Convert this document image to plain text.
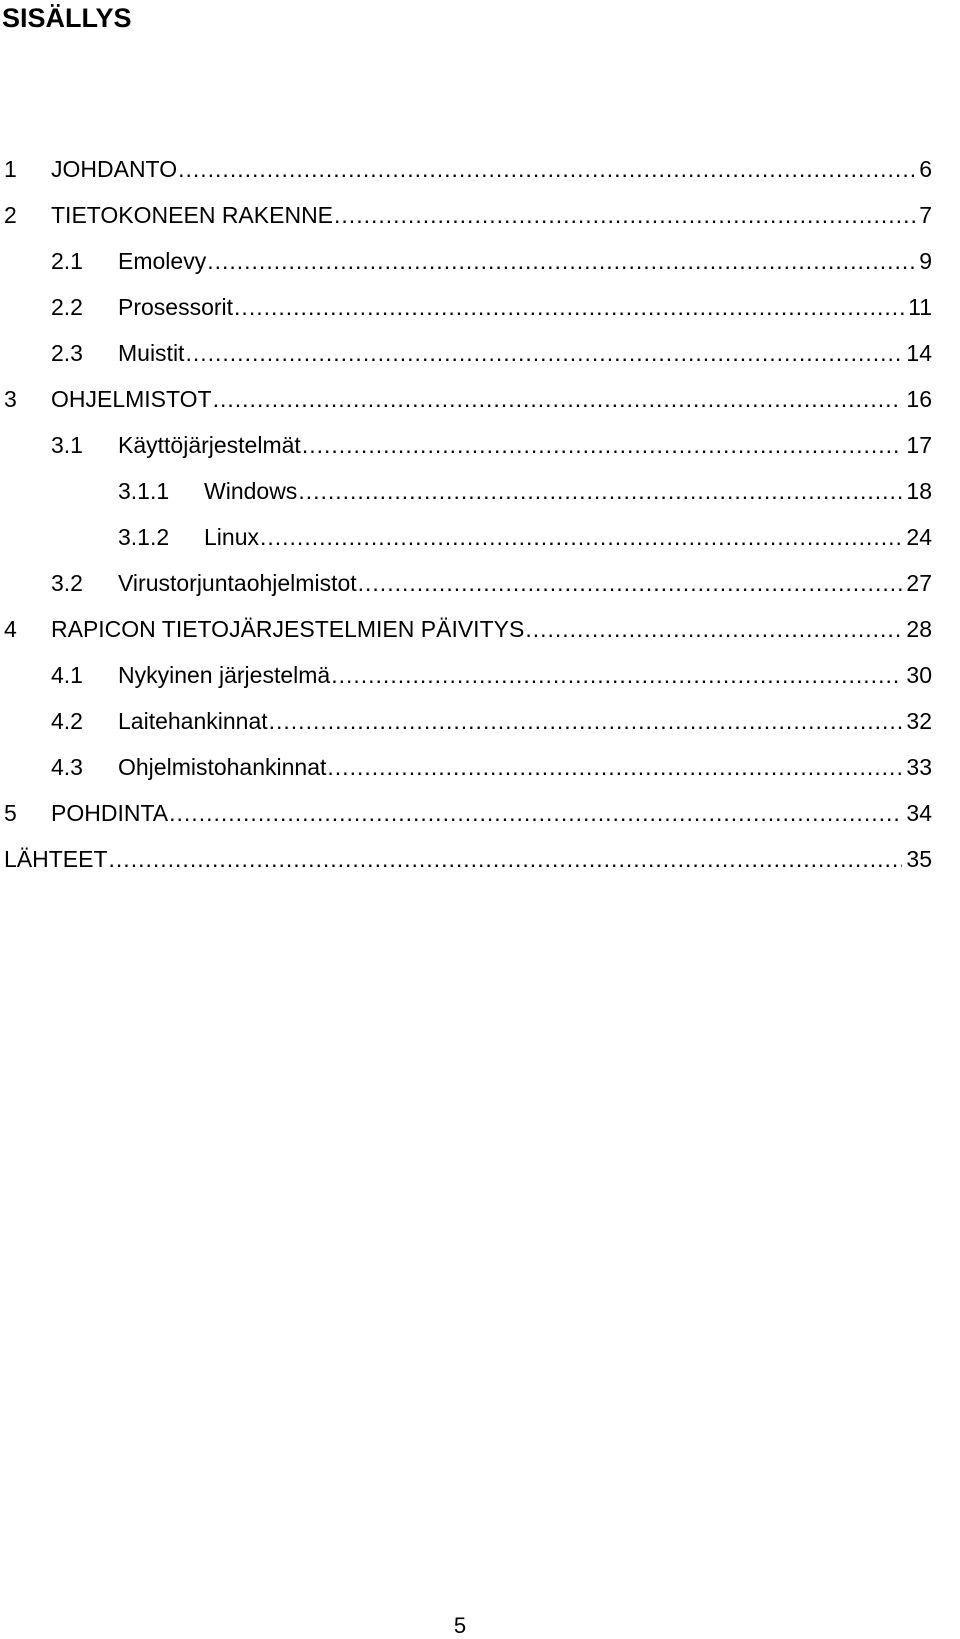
SISÄLLYS
1 JOHDANTO .....	6
2 TIETOKONEEN RAKENNE .....	7
2.1 Emolevy .....	9
2.2 Prosessorit .....	11
2.3 Muistit .....	14
3 OHJELMISTOT .....	16
3.1 Käyttöjärjestelmät .....	17
3.1.1 Windows .....	18
3.1.2 Linux .....	24
3.2 Virustorjuntaohjelmistot .....	27
4 RAPICON TIETOJÄRJESTELMIEN PÄIVITYS .....	28
4.1 Nykyinen järjestelmä .....	30
4.2 Laitehankinnat .....	32
4.3 Ohjelmistohankinnat .....	33
5 POHDINTA .....	34
LÄHTEET .....	35
5
